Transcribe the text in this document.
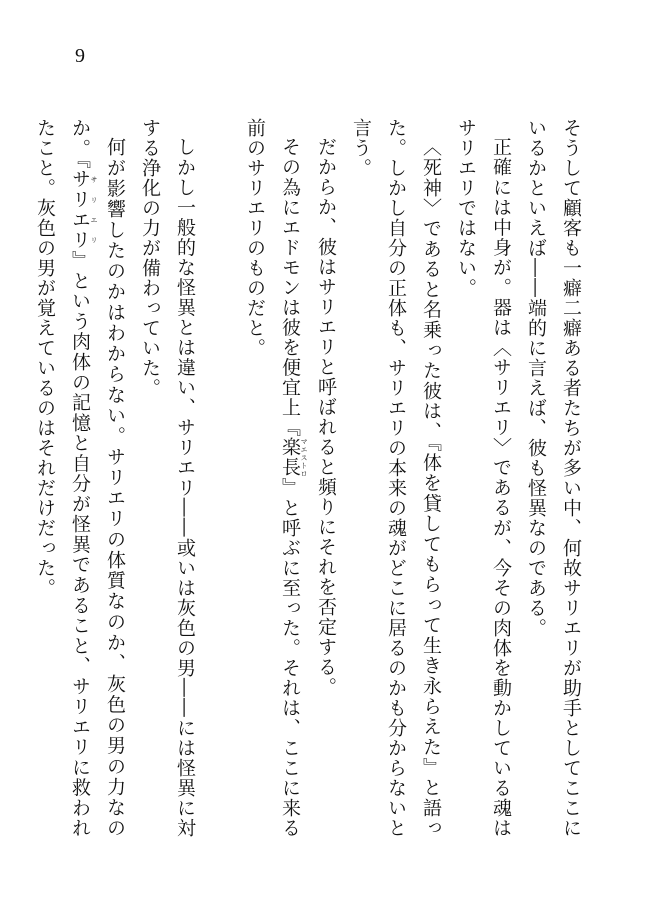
9

そうして顧客も一癖二癖ある者たちが多い中、何故サリエリが助手としてここにいるかといえば――端的に言えば、彼も怪異なのである。

正確には中身が。器は〈サリエリ〉であるが、今その肉体を動かしている魂はサリエリではない。

〈死神〉であると名乗った彼は、『体を貸してもらって生き永らえた』と語った。しかし自分の正体も、サリエリの本来の魂がどこに居るのかも分からないと言う。

だからか、彼はサリエリと呼ばれると頻りにそれを否定する。

その為にエドモンは彼を便宜上『楽長 マエストロ』と呼ぶに至った。それは、ここに来る前のサリエリのものだと。

しかし一般的な怪異とは違い、サリエリ――或いは灰色の男――には怪異に対する浄化の力が備わっていた。

何が影響したのかはわからない。サリエリの体質なのか、灰色の男の力なのか。『サリエリ サリエリ』という肉体の記憶と自分が怪異であること、サリエリに救われたこと。灰色の男が覚えているのはそれだけだった。
